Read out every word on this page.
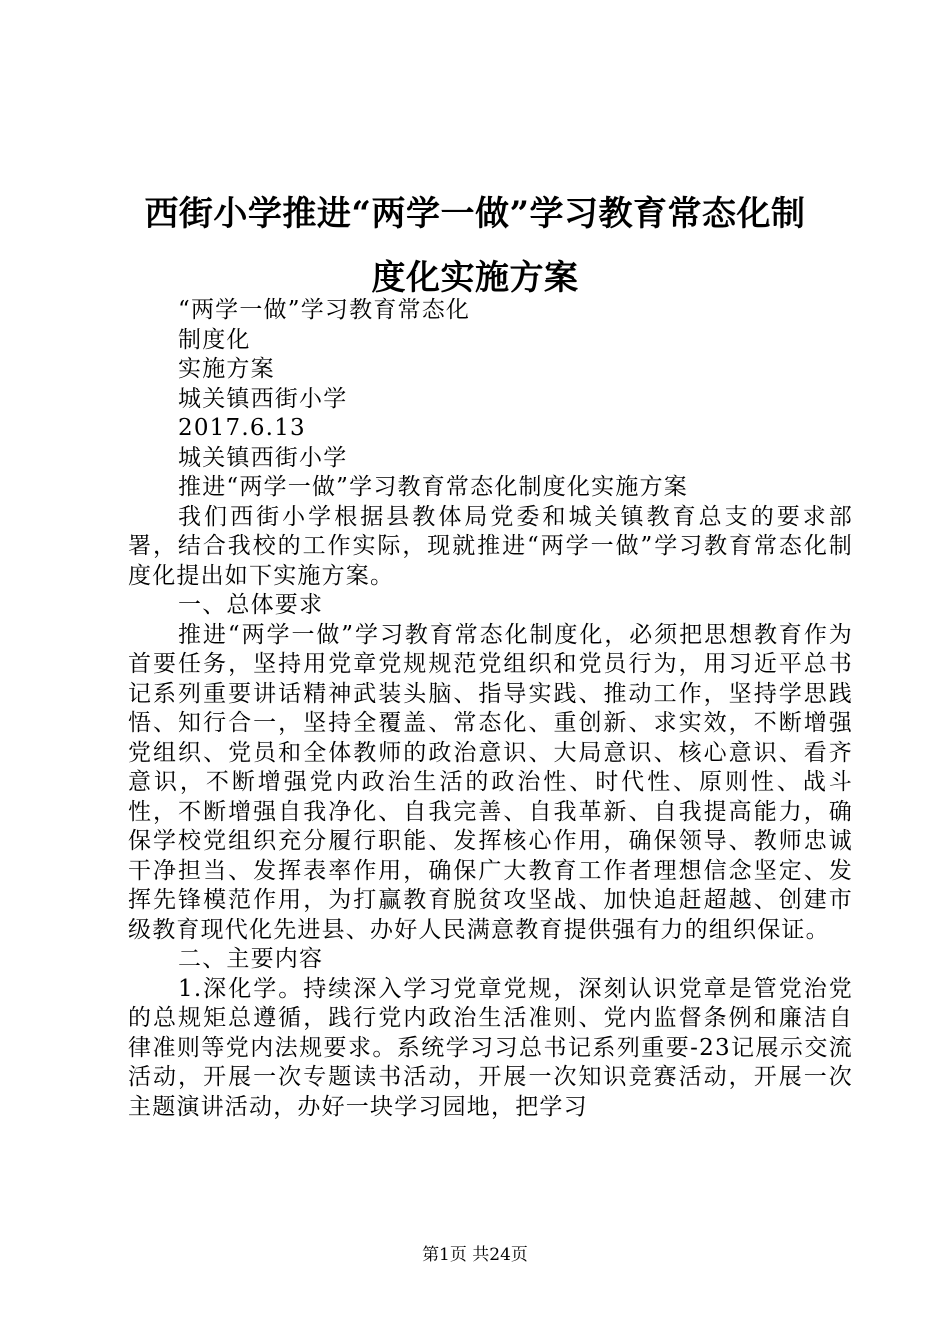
西街小学推进“两学一做”学习教育常态化制
度化实施方案

“两学一做”学习教育常态化

制度化

实施方案

城关镇西街小学

2017.6.13

城关镇西街小学

推进“两学一做”学习教育常态化制度化实施方案

我们西街小学根据县教体局党委和城关镇教育总支的要求部署，结合我校的工作实际，现就推进“两学一做”学习教育常态化制度化提出如下实施方案。

一、总体要求

推进“两学一做”学习教育常态化制度化，必须把思想教育作为首要任务，坚持用党章党规规范党组织和党员行为，用习近平总书记系列重要讲话精神武装头脑、指导实践、推动工作，坚持学思践悟、知行合一，坚持全覆盖、常态化、重创新、求实效，不断增强党组织、党员和全体教师的政治意识、大局意识、核心意识、看齐意识，不断增强党内政治生活的政治性、时代性、原则性、战斗性，不断增强自我净化、自我完善、自我革新、自我提高能力，确保学校党组织充分履行职能、发挥核心作用，确保领导、教师忠诚干净担当、发挥表率作用，确保广大教育工作者理想信念坚定、发挥先锋模范作用，为打赢教育脱贫攻坚战、加快追赶超越、创建市级教育现代化先进县、办好人民满意教育提供强有力的组织保证。

二、主要内容

1.深化学。持续深入学习党章党规，深刻认识党章是管党治党的总规矩总遵循，践行党内政治生活准则、党内监督条例和廉洁自律准则等党内法规要求。系统学习习总书记系列重要-23记展示交流活动，开展一次专题读书活动，开展一次知识竞赛活动，开展一次主题演讲活动，办好一块学习园地，把学习

第1页 共24页
